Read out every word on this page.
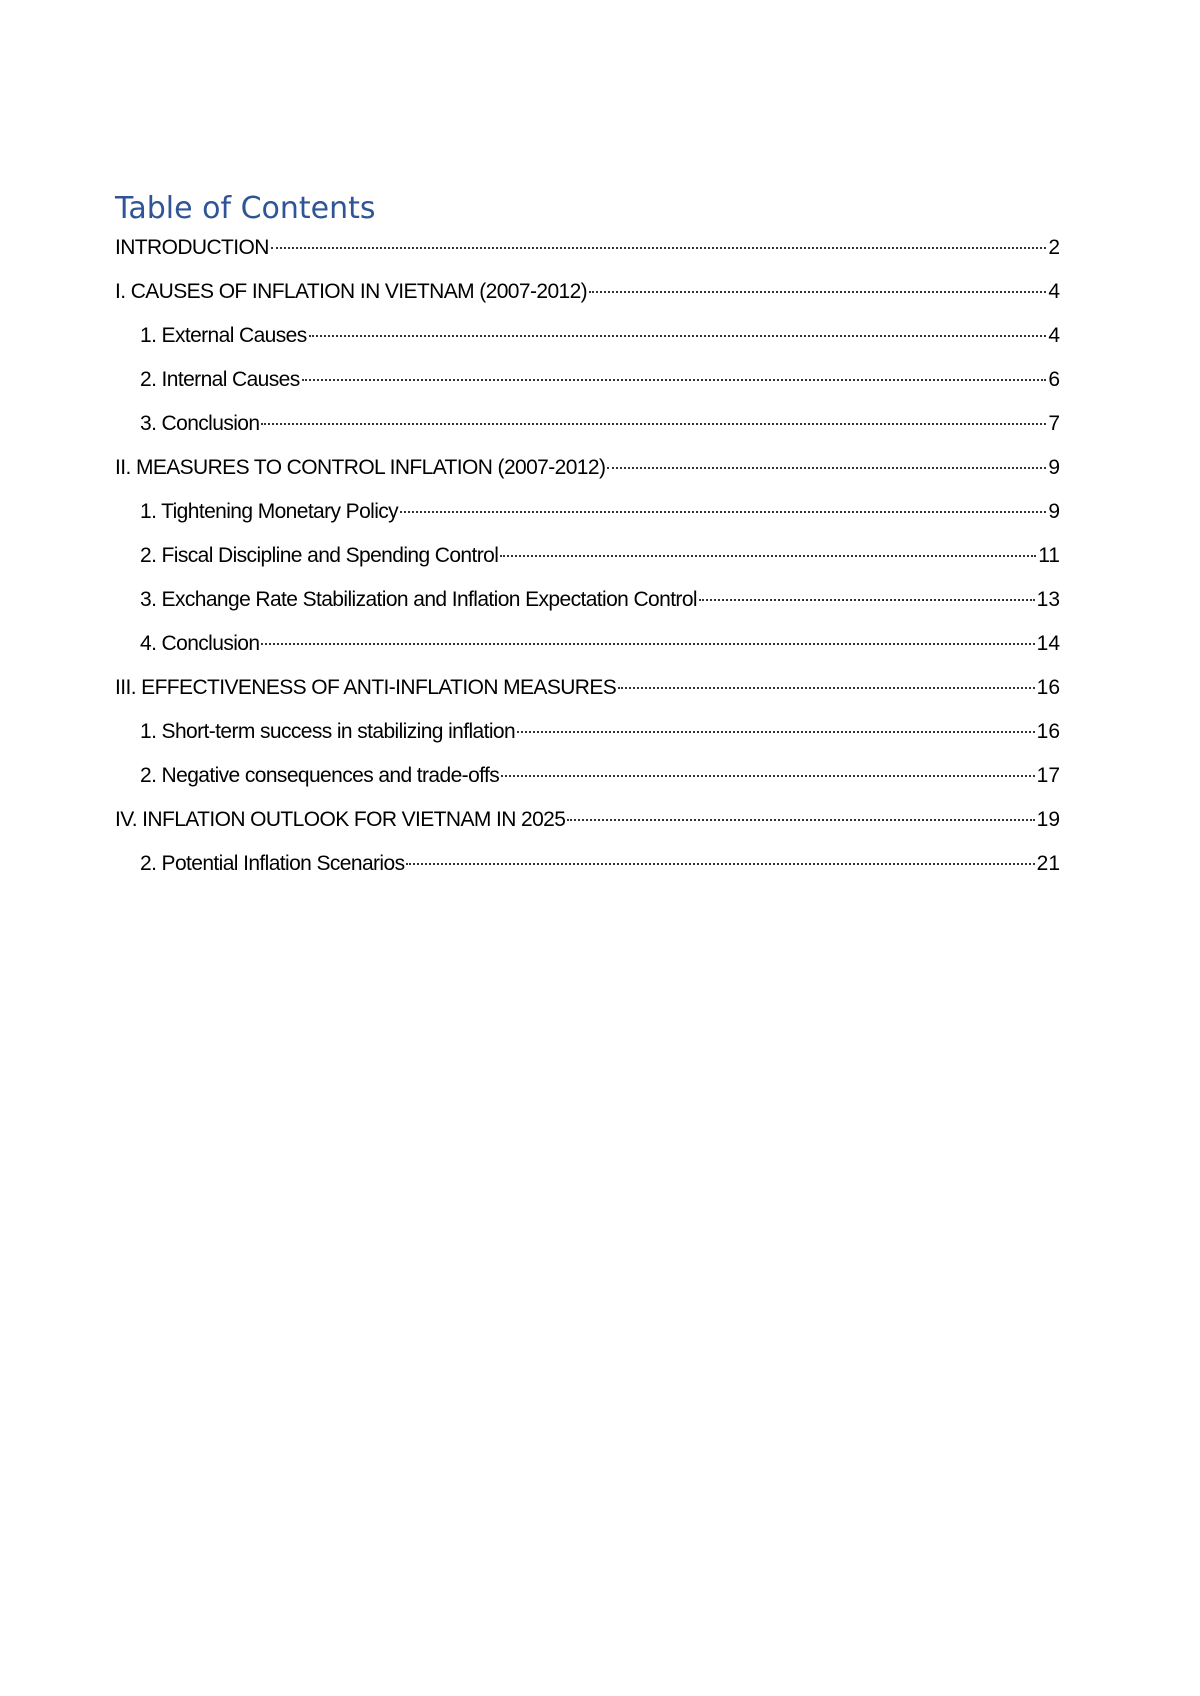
Table of Contents
INTRODUCTION	2
I. CAUSES OF INFLATION IN VIETNAM (2007-2012)	4
1. External Causes	4
2. Internal Causes	6
3. Conclusion	7
II. MEASURES TO CONTROL INFLATION (2007-2012)	9
1. Tightening Monetary Policy	9
2. Fiscal Discipline and Spending Control	11
3. Exchange Rate Stabilization and Inflation Expectation Control	13
4. Conclusion	14
III. EFFECTIVENESS OF ANTI-INFLATION MEASURES	16
1. Short-term success in stabilizing inflation	16
2. Negative consequences and trade-offs	17
IV. INFLATION OUTLOOK FOR VIETNAM IN 2025	19
2. Potential Inflation Scenarios	21
